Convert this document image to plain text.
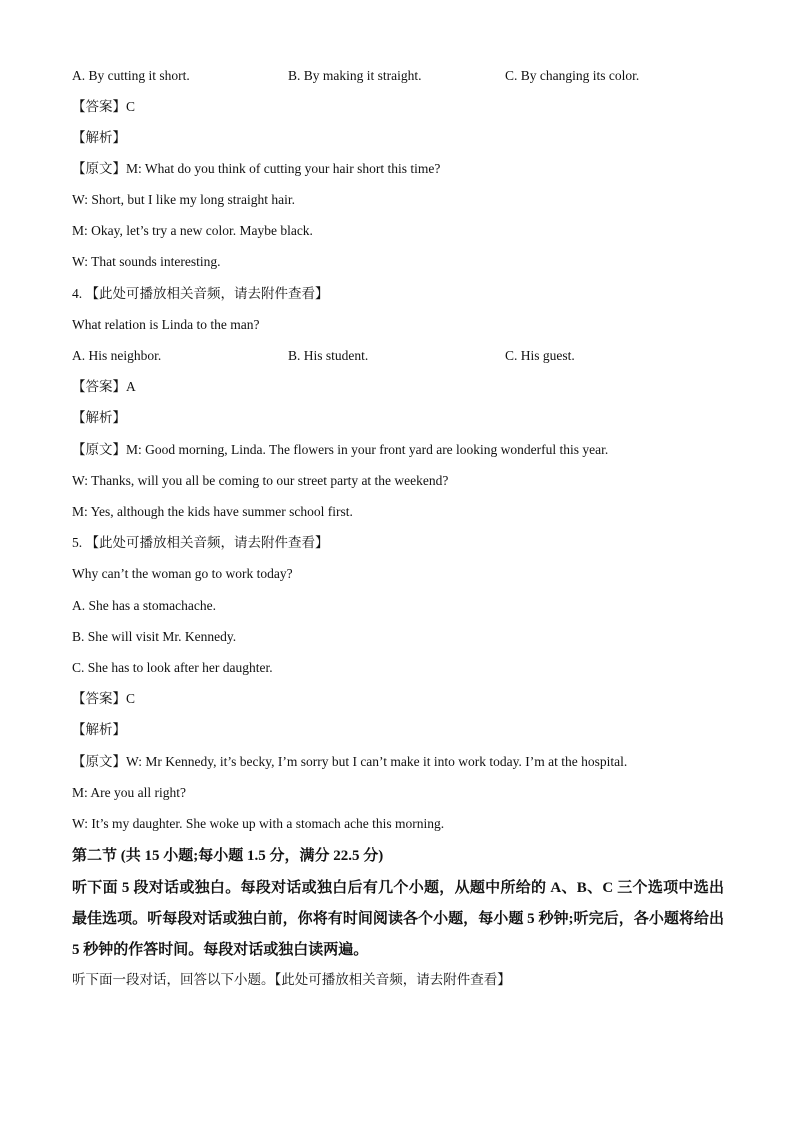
A. By cutting it short.	B. By making it straight.	C. By changing its color.
【答案】C
【解析】
【原文】M: What do you think of cutting your hair short this time?
W: Short, but I like my long straight hair.
M: Okay, let’s try a new color. Maybe black.
W: That sounds interesting.
4. 【此处可播放相关音频，请去附件查看】
What relation is Linda to the man?
A. His neighbor.	B. His student.	C. His guest.
【答案】A
【解析】
【原文】M: Good morning, Linda. The flowers in your front yard are looking wonderful this year.
W: Thanks, will you all be coming to our street party at the weekend?
M: Yes, although the kids have summer school first.
5. 【此处可播放相关音频，请去附件查看】
Why can’t the woman go to work today?
A. She has a stomachache.
B. She will visit Mr. Kennedy.
C. She has to look after her daughter.
【答案】C
【解析】
【原文】W: Mr Kennedy, it’s becky, I’m sorry but I can’t make it into work today. I’m at the hospital.
M: Are you all right?
W: It’s my daughter. She woke up with a stomach ache this morning.
第二节 (共 15 小题;每小题 1.5 分，满分 22.5 分)
听下面 5 段对话或独白。每段对话或独白后有几个小题，从题中所给的 A、B、C 三个选项中选出最佳选项。听每段对话或独白前，你将有时间阅读各个小题，每小题 5 秒钟;听完后，各小题将给出 5 秒钟的作答时间。每段对话或独白读两遍。
听下面一段对话，回答以下小题。【此处可播放相关音频，请去附件查看】
